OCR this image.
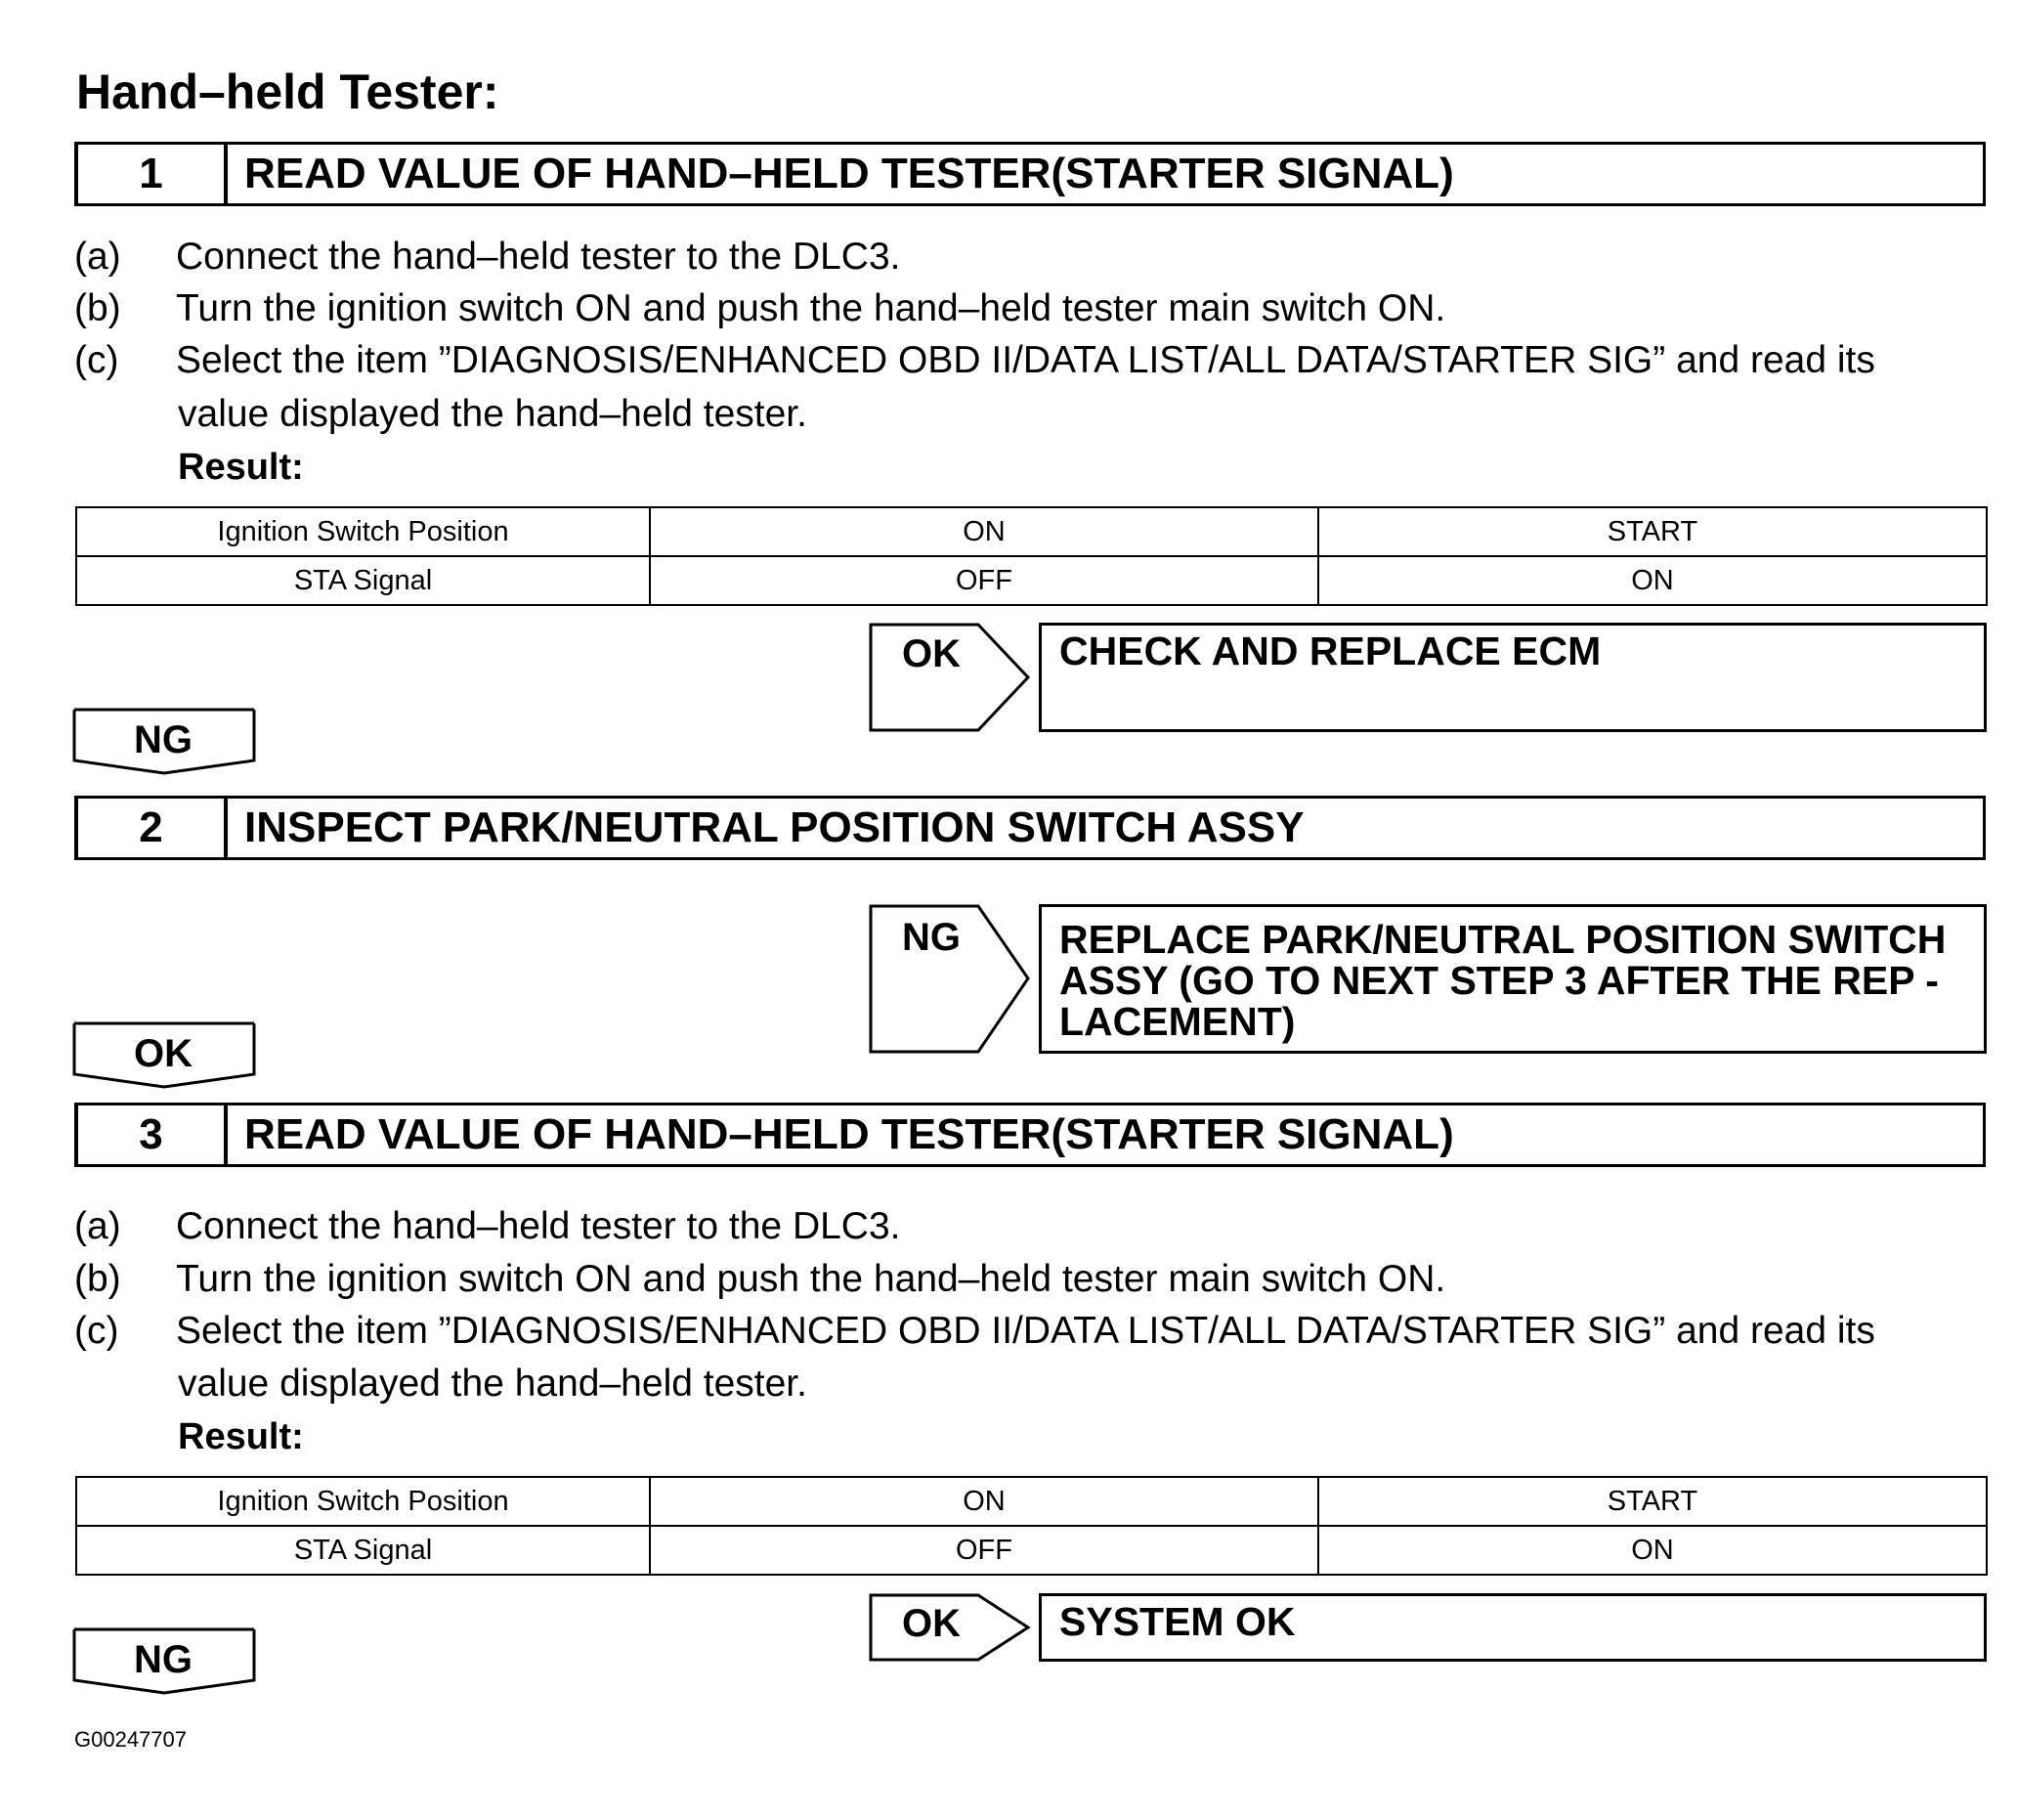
Hand–held Tester:
1	READ VALUE OF HAND–HELD TESTER(STARTER SIGNAL)
(a) Connect the hand–held tester to the DLC3.
(b) Turn the ignition switch ON and push the hand–held tester main switch ON.
(c) Select the item ”DIAGNOSIS/ENHANCED OBD II/DATA LIST/ALL DATA/STARTER SIG” and read its
value displayed the hand–held tester.
Result:
Ignition Switch Position	ON	START
STA Signal	OFF	ON
OK	CHECK AND REPLACE ECM
NG
2	INSPECT PARK/NEUTRAL POSITION SWITCH ASSY
NG REPLACE PARK/NEUTRAL POSITION SWITCH
ASSY (GO TO NEXT STEP 3 AFTER THE REP -
LACEMENT)
OK
3	READ VALUE OF HAND–HELD TESTER(STARTER SIGNAL)
(a) Connect the hand–held tester to the DLC3.
(b) Turn the ignition switch ON and push the hand–held tester main switch ON.
(c) Select the item ”DIAGNOSIS/ENHANCED OBD II/DATA LIST/ALL DATA/STARTER SIG” and read its
value displayed the hand–held tester.
Result:
Ignition Switch Position	ON	START
STA Signal	OFF	ON
OK	SYSTEM OK
NG
G00247707
